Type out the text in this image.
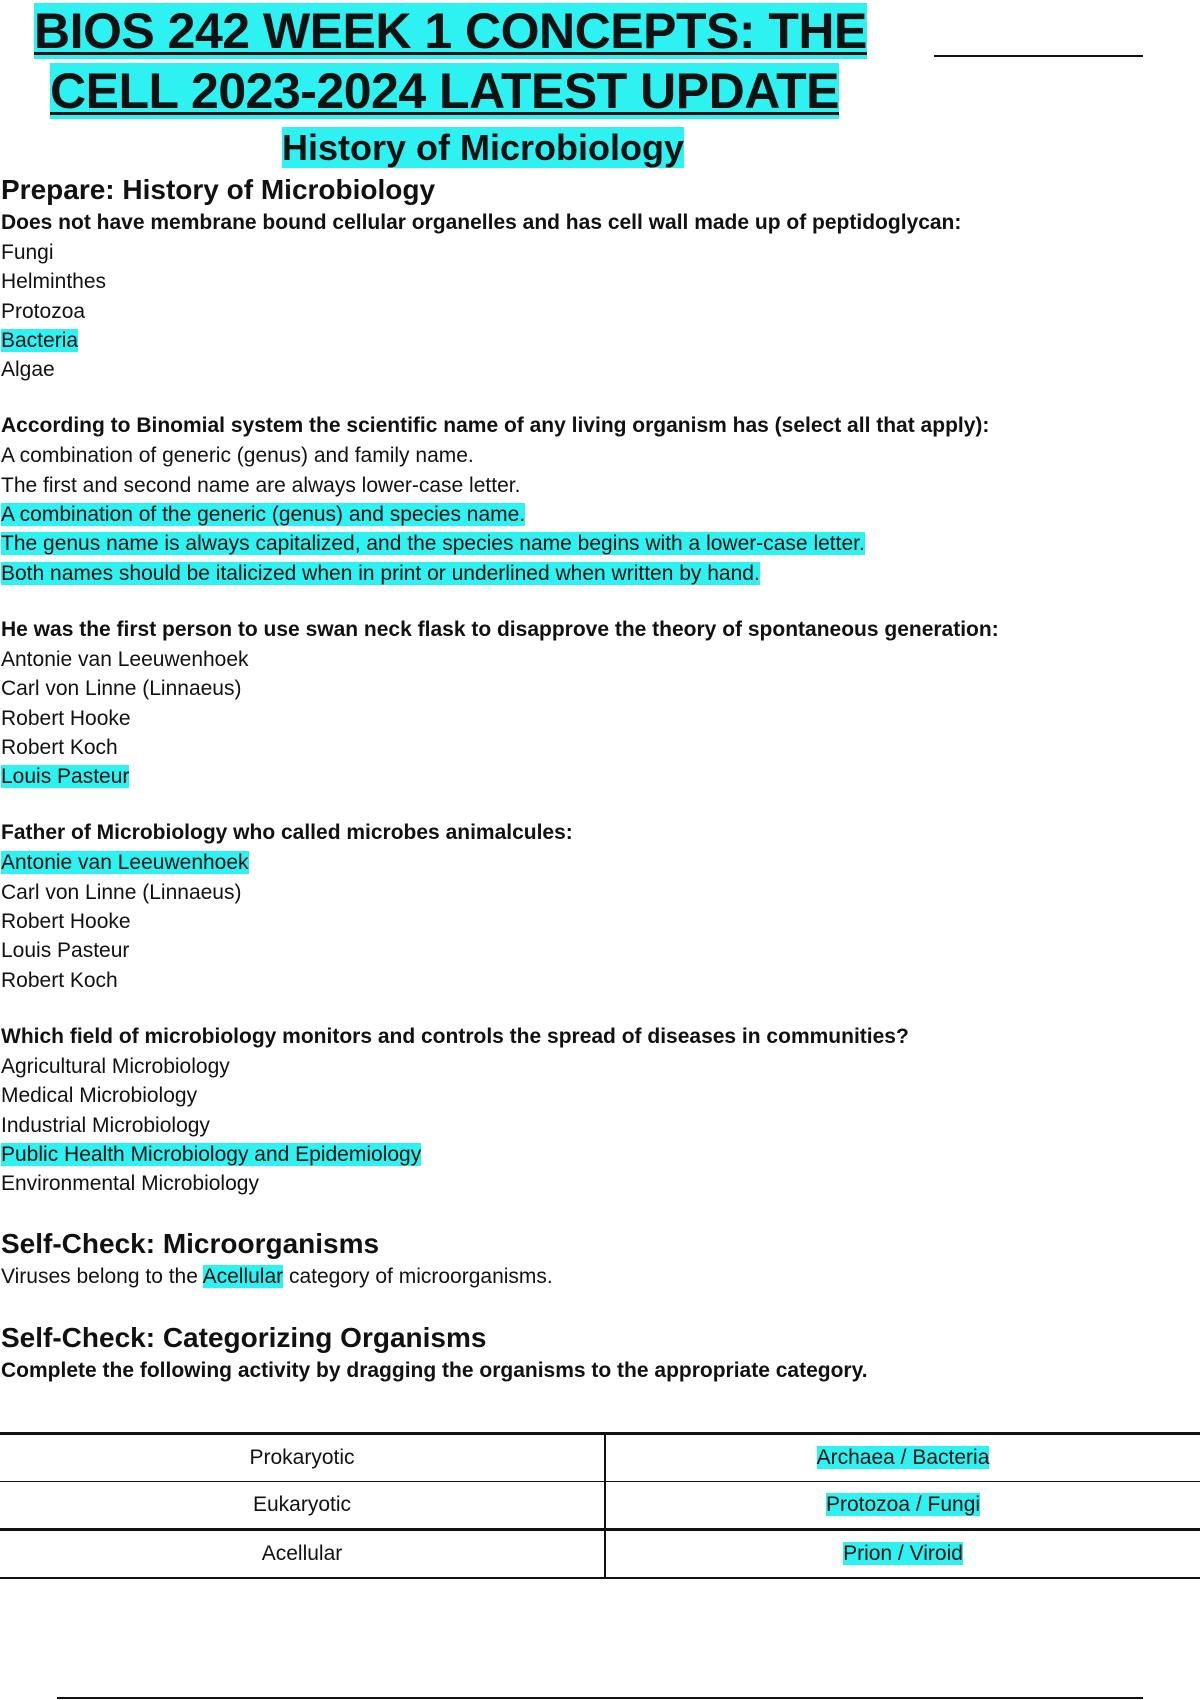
BIOS 242 WEEK 1 CONCEPTS: THE
CELL 2023-2024 LATEST UPDATE
History of Microbiology

Prepare: History of Microbiology

Does not have membrane bound cellular organelles and has cell wall made up of peptidoglycan:

Fungi

Helminthes

Protozoa

Bacteria

Algae

According to Binomial system the scientific name of any living organism has (select all that apply):

A combination of generic (genus) and family name.

The first and second name are always lower-case letter.

A combination of the generic (genus) and species name.

The genus name is always capitalized, and the species name begins with a lower-case letter.

Both names should be italicized when in print or underlined when written by hand.

He was the first person to use swan neck flask to disapprove the theory of spontaneous generation:

Antonie van Leeuwenhoek

Carl von Linne (Linnaeus)

Robert Hooke

Robert Koch

Louis Pasteur

Father of Microbiology who called microbes animalcules:

Antonie van Leeuwenhoek

Carl von Linne (Linnaeus)

Robert Hooke

Louis Pasteur

Robert Koch

Which field of microbiology monitors and controls the spread of diseases in communities?

Agricultural Microbiology

Medical Microbiology

Industrial Microbiology

Public Health Microbiology and Epidemiology

Environmental Microbiology

Self-Check: Microorganisms

Viruses belong to the Acellular category of microorganisms.

Self-Check: Categorizing Organisms

Complete the following activity by dragging the organisms to the appropriate category.

Prokaryotic	Archaea / Bacteria
Eukaryotic	Protozoa / Fungi
Acellular	Prion / Viroid
